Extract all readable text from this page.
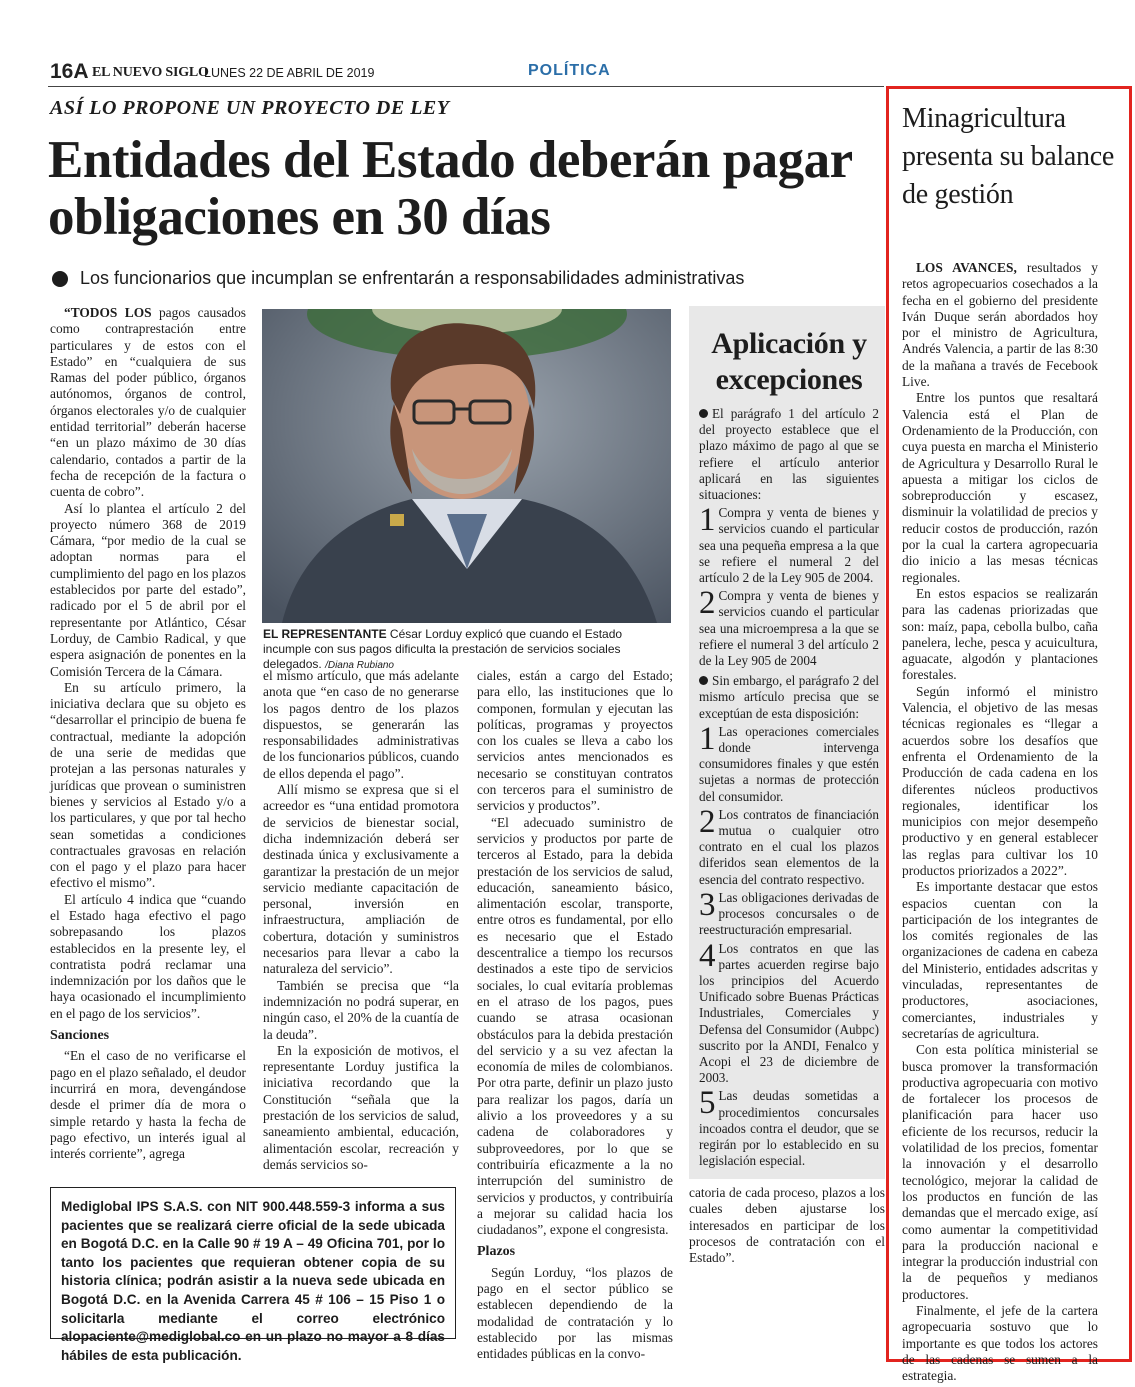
16A EL NUEVO SIGLO
LUNES 22 DE ABRIL DE 2019	POLÍTICA
ASÍ LO PROPONE UN PROYECTO DE LEY
Entidades del Estado deberán pagar obligaciones en 30 días
Los funcionarios que incumplan se enfrentarán a responsabilidades administrativas
EL REPRESENTANTE César Lorduy explicó que cuando el Estado incumple con sus pagos dificulta la prestación de servicios sociales delegados. /Diana Rubiano

“TODOS LOS pagos causados como contraprestación entre particulares y de estos con el Estado” en “cualquiera de sus Ramas del poder público, órganos autónomos, órganos de control, órganos electorales y/o de cualquier entidad territorial” deberán hacerse “en un plazo máximo de 30 días calendario, contados a partir de la fecha de recepción de la factura o cuenta de cobro”.

Así lo plantea el artículo 2 del proyecto número 368 de 2019 Cámara, “por medio de la cual se adoptan normas para el cumplimiento del pago en los plazos establecidos por parte del estado”, radicado por el 5 de abril por el representante por Atlántico, César Lorduy, de Cambio Radical, y que espera asignación de ponentes en la Comisión Tercera de la Cámara.

En su artículo primero, la iniciativa declara que su objeto es “desarrollar el principio de buena fe contractual, mediante la adopción de una serie de medidas que protejan a las personas naturales y jurídicas que provean o suministren bienes y servicios al Estado y/o a los particulares, y que por tal hecho sean sometidas a condiciones contractuales gravosas en relación con el pago y el plazo para hacer efectivo el mismo”.

El artículo 4 indica que “cuando el Estado haga efectivo el pago sobrepasando los plazos establecidos en la presente ley, el contratista podrá reclamar una indemnización por los daños que le haya ocasionado el incumplimiento en el pago de los servicios”.

Sanciones

“En el caso de no verificarse el pago en el plazo señalado, el deudor incurrirá en mora, devengándose desde el primer día de mora o simple retardo y hasta la fecha de pago efectivo, un interés igual al interés corriente”, agrega

el mismo artículo, que más adelante anota que “en caso de no generarse los pagos dentro de los plazos dispuestos, se generarán las responsabilidades administrativas de los funcionarios públicos, cuando de ellos dependa el pago”.

Allí mismo se expresa que si el acreedor es “una entidad promotora de servicios de bienestar social, dicha indemnización deberá ser destinada única y exclusivamente a garantizar la prestación de un mejor servicio mediante capacitación de personal, inversión en infraestructura, ampliación de cobertura, dotación y suministros necesarios para llevar a cabo la naturaleza del servicio”.

También se precisa que “la indemnización no podrá superar, en ningún caso, el 20% de la cuantía de la deuda”.

En la exposición de motivos, el representante Lorduy justifica la iniciativa recordando que la Constitución “señala que la prestación de los servicios de salud, saneamiento ambiental, educación, alimentación escolar, recreación y demás servicios so-

ciales, están a cargo del Estado; para ello, las instituciones que lo componen, formulan y ejecutan las políticas, programas y proyectos con los cuales se lleva a cabo los servicios antes mencionados es necesario se constituyan contratos con terceros para el suministro de servicios y productos”.

“El adecuado suministro de servicios y productos por parte de terceros al Estado, para la debida prestación de los servicios de salud, educación, saneamiento básico, alimentación escolar, transporte, entre otros es fundamental, por ello es necesario que el Estado descentralice a tiempo los recursos destinados a este tipo de servicios sociales, lo cual evitaría problemas en el atraso de los pagos, pues cuando se atrasa ocasionan obstáculos para la debida prestación del servicio y a su vez afectan la economía de miles de colombianos. Por otra parte, definir un plazo justo para realizar los pagos, daría un alivio a los proveedores y a su cadena de colaboradores y subproveedores, por lo que se contribuiría eficazmente a la no interrupción del suministro de servicios y productos, y contribuiría a mejorar su calidad hacia los ciudadanos”, expone el congresista.

Plazos

Según Lorduy, “los plazos de pago en el sector público se establecen dependiendo de la modalidad de contratación y lo establecido por las mismas entidades públicas en la convo-

Aplicación y excepciones
El parágrafo 1 del artículo 2 del proyecto establece que el plazo máximo de pago al que se refiere el artículo anterior aplicará en las siguientes situaciones:
1 Compra y venta de bienes y servicios cuando el particular sea una pequeña empresa a la que se refiere el numeral 2 del artículo 2 de la Ley 905 de 2004.
2 Compra y venta de bienes y servicios cuando el particular sea una microempresa a la que se refiere el numeral 3 del artículo 2 de la Ley 905 de 2004
Sin embargo, el parágrafo 2 del mismo artículo precisa que se exceptúan de esta disposición:
1 Las operaciones comerciales donde intervenga consumidores finales y que estén sujetas a normas de protección del consumidor.
2 Los contratos de financiación mutua o cualquier otro contrato en el cual los plazos diferidos sean elementos de la esencia del contrato respectivo.
3 Las obligaciones derivadas de procesos concursales o de reestructuración empresarial.
4 Los contratos en que las partes acuerden regirse bajo los principios del Acuerdo Unificado sobre Buenas Prácticas Industriales, Comerciales y Defensa del Consumidor (Aubpc) suscrito por la ANDI, Fenalco y Acopi el 23 de diciembre de 2003.
5 Las deudas sometidas a procedimientos concursales incoados contra el deudor, que se regirán por lo establecido en su legislación especial.

catoria de cada proceso, plazos a los cuales deben ajustarse los interesados en participar de los procesos de contratación con el Estado”.

Mediglobal IPS S.A.S. con NIT 900.448.559-3 informa a sus pacientes que se realizará cierre oficial de la sede ubicada en Bogotá D.C. en la Calle 90 # 19 A – 49 Oficina 701, por lo tanto los pacientes que requieran obtener copia de su historia clínica; podrán asistir a la nueva sede ubicada en Bogotá D.C. en la Avenida Carrera 45 # 106 – 15 Piso 1 o solicitarla mediante el correo electrónico alopaciente@mediglobal.co en un plazo no mayor a 8 días hábiles de esta publicación.
Minagricultura presenta su balance de gestión

LOS AVANCES, resultados y retos agropecuarios cosechados a la fecha en el gobierno del presidente Iván Duque serán abordados hoy por el ministro de Agricultura, Andrés Valencia, a partir de las 8:30 de la mañana a través de Fecebook Live.

Entre los puntos que resaltará Valencia está el Plan de Ordenamiento de la Producción, con cuya puesta en marcha el Ministerio de Agricultura y Desarrollo Rural le apuesta a mitigar los ciclos de sobreproducción y escasez, disminuir la volatilidad de precios y reducir costos de producción, razón por la cual la cartera agropecuaria dio inicio a las mesas técnicas regionales.

En estos espacios se realizarán para las cadenas priorizadas que son: maíz, papa, cebolla bulbo, caña panelera, leche, pesca y acuicultura, aguacate, algodón y plantaciones forestales.

Según informó el ministro Valencia, el objetivo de las mesas técnicas regionales es “llegar a acuerdos sobre los desafíos que enfrenta el Ordenamiento de la Producción de cada cadena en los diferentes núcleos productivos regionales, identificar los municipios con mejor desempeño productivo y en general establecer las reglas para cultivar los 10 productos priorizados a 2022”.

Es importante destacar que estos espacios cuentan con la participación de los integrantes de los comités regionales de las organizaciones de cadena en cabeza del Ministerio, entidades adscritas y vinculadas, representantes de productores, asociaciones, comerciantes, industriales y secretarías de agricultura.

Con esta política ministerial se busca promover la transformación productiva agropecuaria con motivo de fortalecer los procesos de planificación para hacer uso eficiente de los recursos, reducir la volatilidad de los precios, fomentar la innovación y el desarrollo tecnológico, mejorar la calidad de los productos en función de las demandas que el mercado exige, así como aumentar la competitividad para la producción nacional e integrar la producción industrial con la de pequeños y medianos productores.

Finalmente, el jefe de la cartera agropecuaria sostuvo que lo importante es que todos los actores de las cadenas se sumen a la estrategia.
